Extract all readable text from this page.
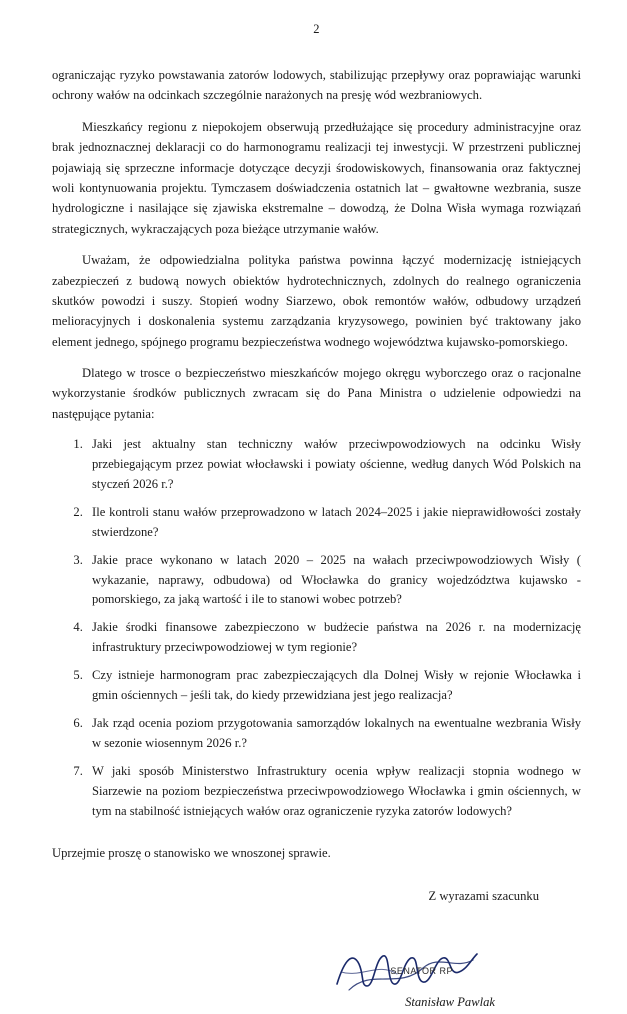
2

ograniczając ryzyko powstawania zatorów lodowych, stabilizując przepływy oraz poprawiając warunki ochrony wałów na odcinkach szczególnie narażonych na presję wód wezbraniowych.

Mieszkańcy regionu z niepokojem obserwują przedłużające się procedury administracyjne oraz brak jednoznacznej deklaracji co do harmonogramu realizacji tej inwestycji. W przestrzeni publicznej pojawiają się sprzeczne informacje dotyczące decyzji środowiskowych, finansowania oraz faktycznej woli kontynuowania projektu. Tymczasem doświadczenia ostatnich lat – gwałtowne wezbrania, susze hydrologiczne i nasilające się zjawiska ekstremalne – dowodzą, że Dolna Wisła wymaga rozwiązań strategicznych, wykraczających poza bieżące utrzymanie wałów.

Uważam, że odpowiedzialna polityka państwa powinna łączyć modernizację istniejących zabezpieczeń z budową nowych obiektów hydrotechnicznych, zdolnych do realnego ograniczenia skutków powodzi i suszy. Stopień wodny Siarzewo, obok remontów wałów, odbudowy urządzeń melioracyjnych i doskonalenia systemu zarządzania kryzysowego, powinien być traktowany jako element jednego, spójnego programu bezpieczeństwa wodnego województwa kujawsko-pomorskiego.

Dlatego w trosce o bezpieczeństwo mieszkańców mojego okręgu wyborczego oraz o racjonalne wykorzystanie środków publicznych zwracam się do Pana Ministra o udzielenie odpowiedzi na następujące pytania:

1. Jaki jest aktualny stan techniczny wałów przeciwpowodziowych na odcinku Wisły przebiegającym przez powiat włocławski i powiaty ościenne, według danych Wód Polskich na styczeń 2026 r.?
2. Ile kontroli stanu wałów przeprowadzono w latach 2024–2025 i jakie nieprawidłowości zostały stwierdzone?
3. Jakie prace wykonano w latach 2020 – 2025 na wałach przeciwpowodziowych Wisły ( wykazanie, naprawy, odbudowa) od Włocławka do granicy wojedzództwa kujawsko - pomorskiego, za jaką wartość i ile to stanowi wobec potrzeb?
4. Jakie środki finansowe zabezpieczono w budżecie państwa na 2026 r. na modernizację infrastruktury przeciwpowodziowej w tym regionie?
5. Czy istnieje harmonogram prac zabezpieczających dla Dolnej Wisły w rejonie Włocławka i gmin ościennych – jeśli tak, do kiedy przewidziana jest jego realizacja?
6. Jak rząd ocenia poziom przygotowania samorządów lokalnych na ewentualne wezbrania Wisły w sezonie wiosennym 2026 r.?
7. W jaki sposób Ministerstwo Infrastruktury ocenia wpływ realizacji stopnia wodnego w Siarzewie na poziom bezpieczeństwa przeciwpowodziowego Włocławka i gmin ościennych, w tym na stabilność istniejących wałów oraz ograniczenie ryzyka zatorów lodowych?

Uprzejmie proszę o stanowisko we wnoszonej sprawie.

Z wyrazami szacunku
SENATOR RP
Stanisław Pawlak
